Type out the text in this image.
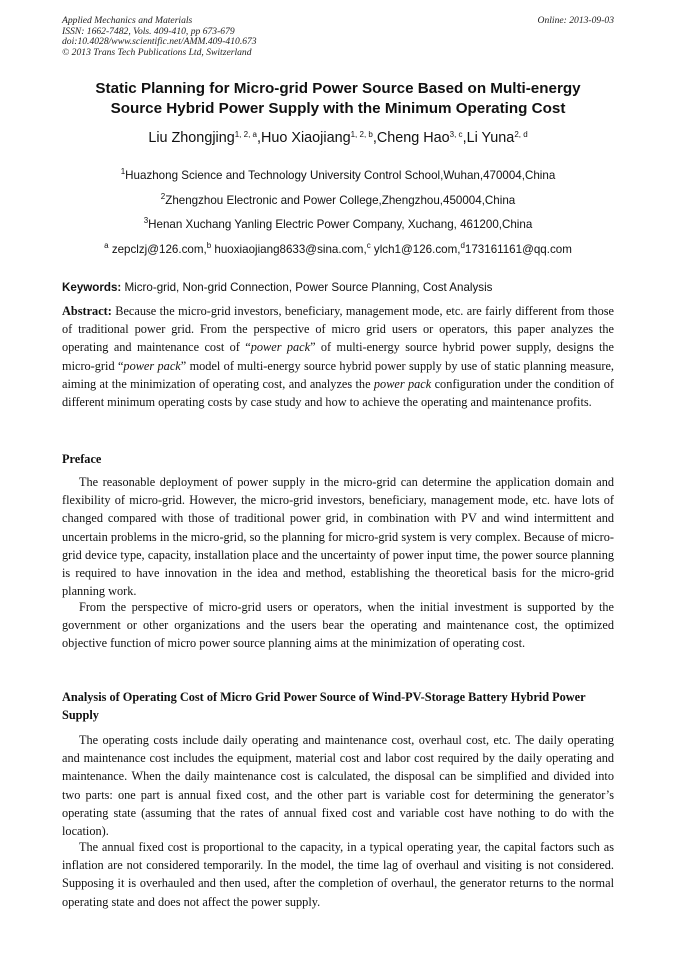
Applied Mechanics and Materials
ISSN: 1662-7482, Vols. 409-410, pp 673-679
doi:10.4028/www.scientific.net/AMM.409-410.673
© 2013 Trans Tech Publications Ltd, Switzerland
Online: 2013-09-03
Static Planning for Micro-grid Power Source Based on Multi-energy
Source Hybrid Power Supply with the Minimum Operating Cost
Liu Zhongjing$^{1, 2, a}$,Huo Xiaojiang$^{1, 2, b}$,Cheng Hao$^{3, c}$,Li Yuna$^{2, d}$
$^1$Huazhong Science and Technology University Control School,Wuhan,470004,China
$^2$Zhengzhou Electronic and Power College,Zhengzhou,450004,China
$^3$Henan Xuchang Yanling Electric Power Company, Xuchang, 461200,China
$^a$ zepclzj@126.com,$^b$ huoxiaojiang8633@sina.com,$^c$ ylch1@126.com,$^d$173161161@qq.com
Keywords: Micro-grid, Non-grid Connection, Power Source Planning, Cost Analysis
Abstract: Because the micro-grid investors, beneficiary, management mode, etc. are fairly different from those of traditional power grid. From the perspective of micro grid users or operators, this paper analyzes the operating and maintenance cost of “power pack” of multi-energy source hybrid power supply, designs the micro-grid “power pack” model of multi-energy source hybrid power supply by use of static planning measure, aiming at the minimization of operating cost, and analyzes the power pack configuration under the condition of different minimum operating costs by case study and how to achieve the operating and maintenance profits.
Preface
The reasonable deployment of power supply in the micro-grid can determine the application domain and flexibility of micro-grid. However, the micro-grid investors, beneficiary, management mode, etc. have lots of changed compared with those of traditional power grid, in combination with PV and wind intermittent and uncertain problems in the micro-grid, so the planning for micro-grid system is very complex. Because of micro-grid device type, capacity, installation place and the uncertainty of power input time, the power source planning is required to have innovation in the idea and method, establishing the theoretical basis for the micro-grid planning work.
From the perspective of micro-grid users or operators, when the initial investment is supported by the government or other organizations and the users bear the operating and maintenance cost, the optimized objective function of micro power source planning aims at the minimization of operating cost.
Analysis of Operating Cost of Micro Grid Power Source of Wind-PV-Storage Battery Hybrid Power Supply
The operating costs include daily operating and maintenance cost, overhaul cost, etc. The daily operating and maintenance cost includes the equipment, material cost and labor cost required by the daily operating and maintenance. When the daily maintenance cost is calculated, the disposal can be simplified and divided into two parts: one part is annual fixed cost, and the other part is variable cost for determining the generator’s operating state (assuming that the rates of annual fixed cost and variable cost have nothing to do with the location).
The annual fixed cost is proportional to the capacity, in a typical operating year, the capital factors such as inflation are not considered temporarily. In the model, the time lag of overhaul and visiting is not considered. Supposing it is overhauled and then used, after the completion of overhaul, the generator returns to the normal operating state and does not affect the power supply.
